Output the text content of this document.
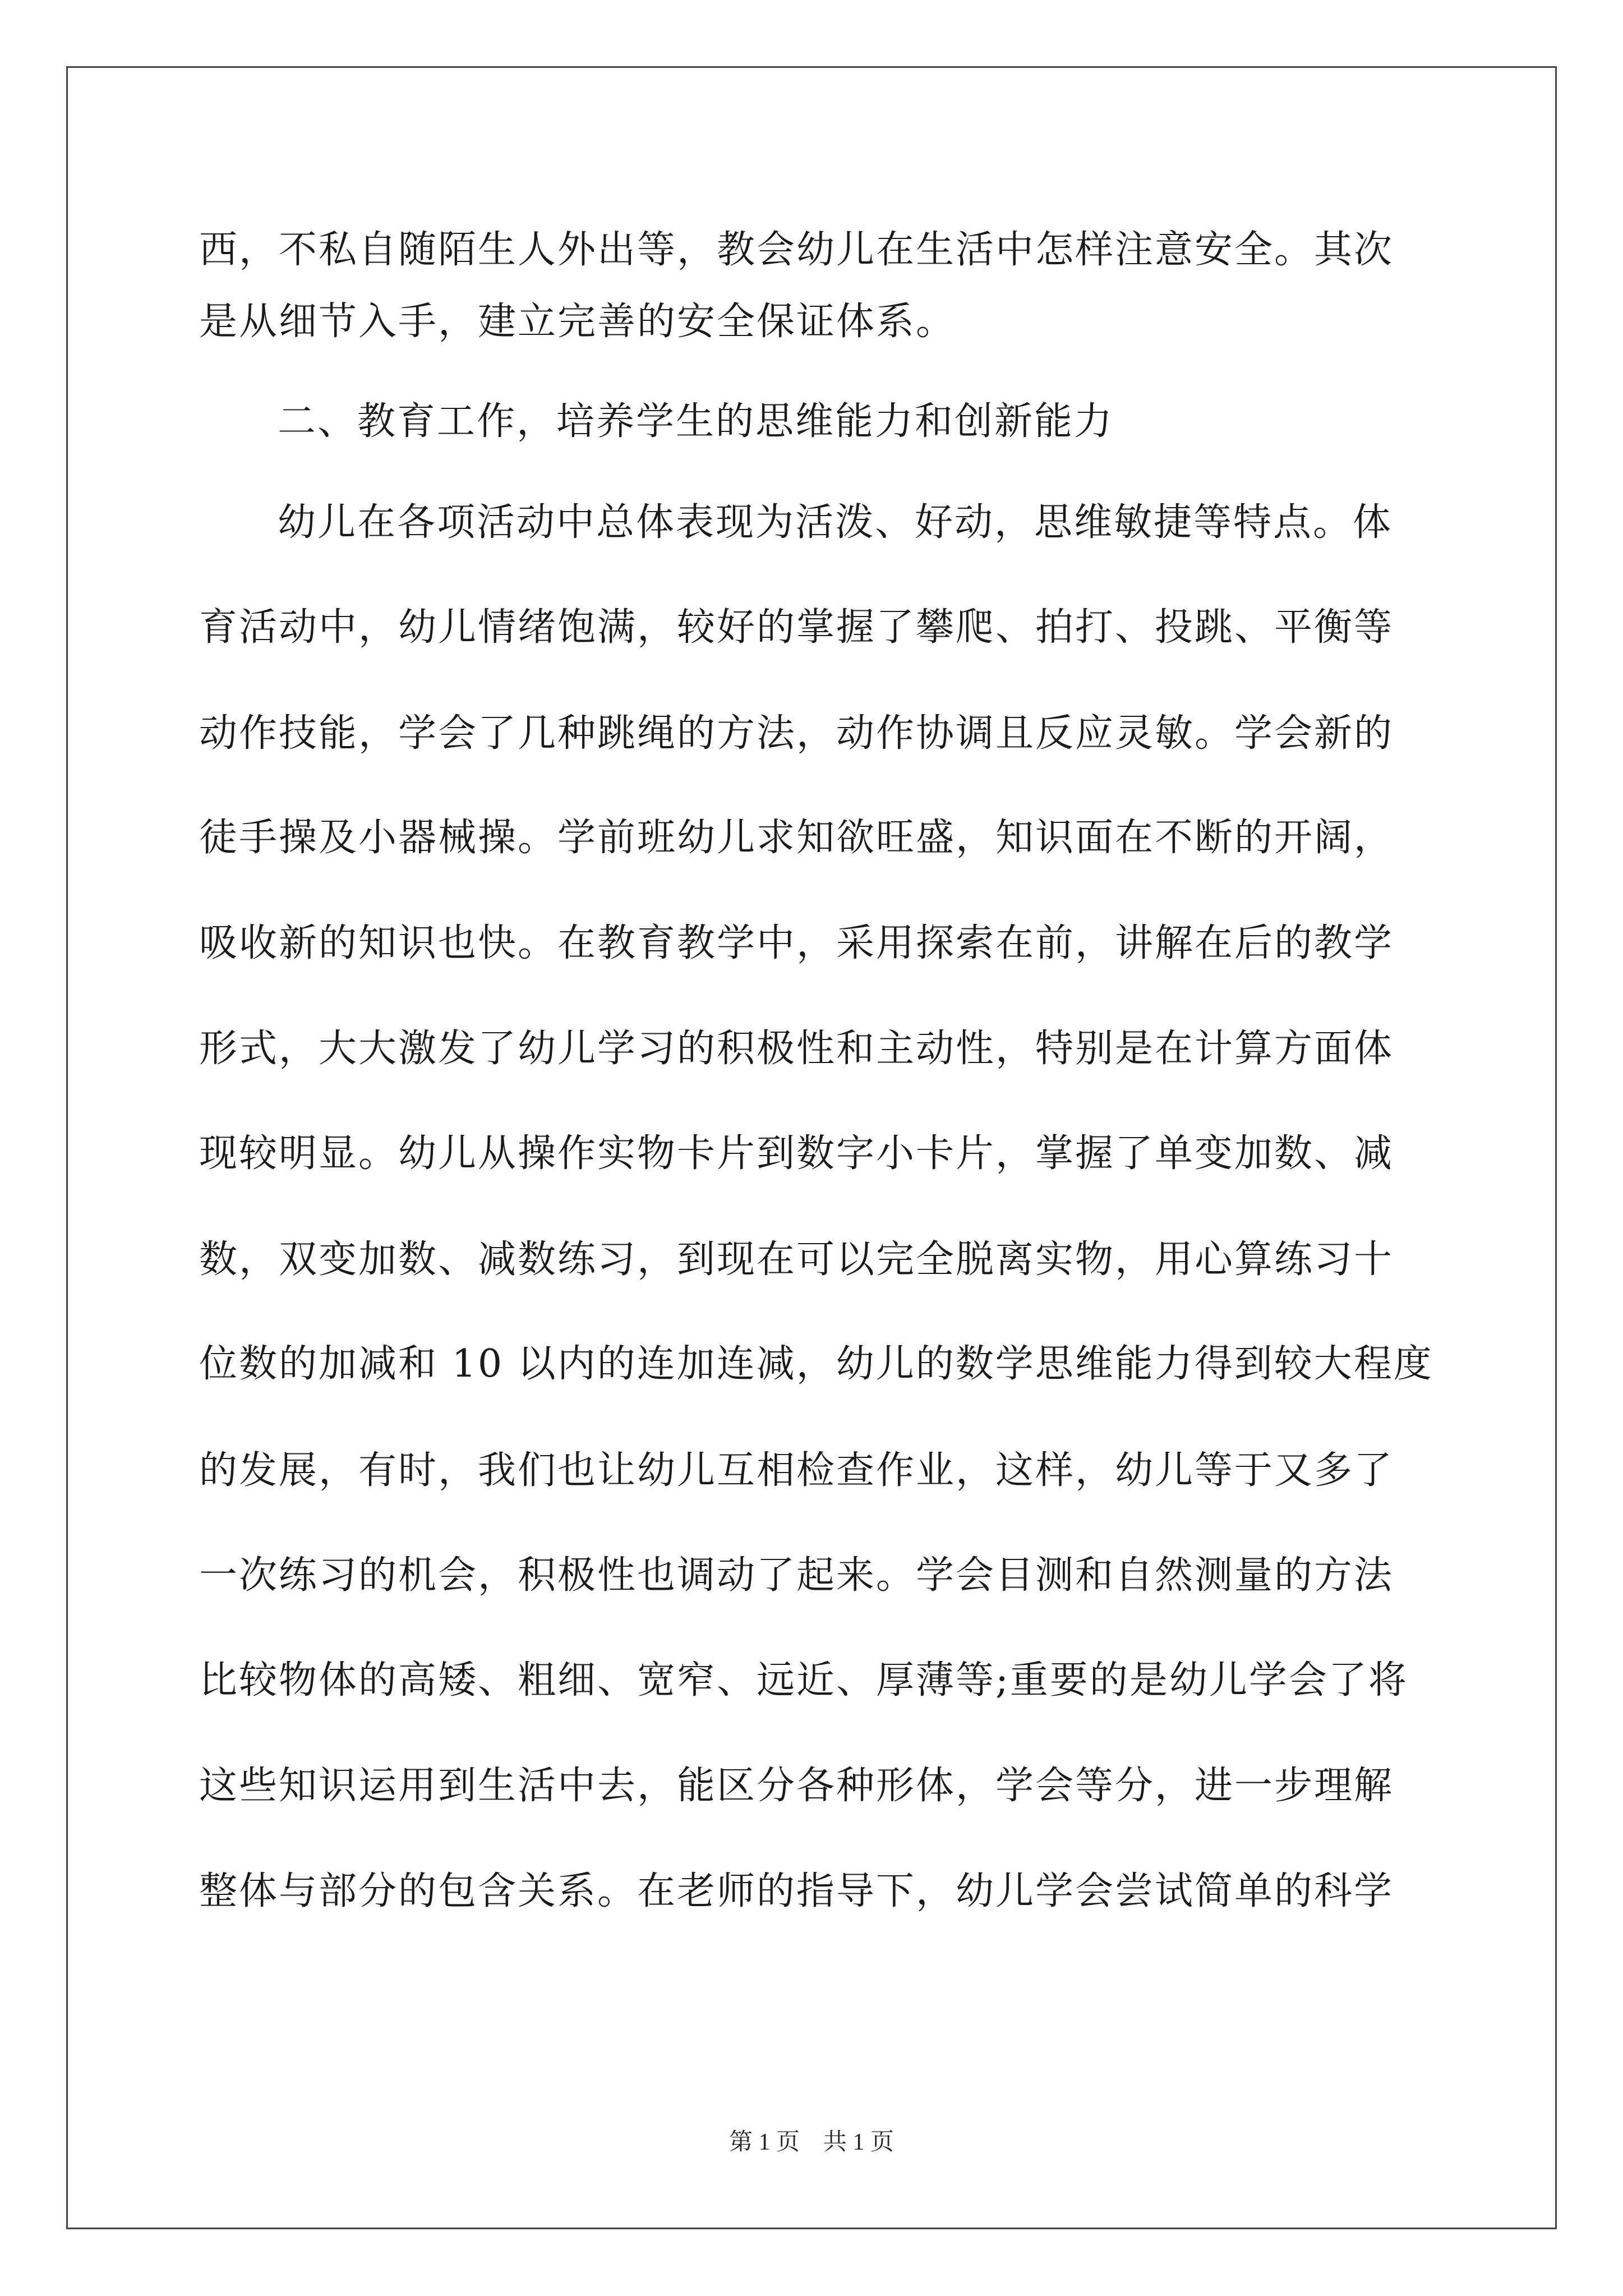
西，不私自随陌生人外出等，教会幼儿在生活中怎样注意安全。其次
是从细节入手，建立完善的安全保证体系。
二、教育工作，培养学生的思维能力和创新能力
幼儿在各项活动中总体表现为活泼、好动，思维敏捷等特点。体
育活动中，幼儿情绪饱满，较好的掌握了攀爬、拍打、投跳、平衡等
动作技能，学会了几种跳绳的方法，动作协调且反应灵敏。学会新的
徒手操及小器械操。学前班幼儿求知欲旺盛，知识面在不断的开阔，
吸收新的知识也快。在教育教学中，采用探索在前，讲解在后的教学
形式，大大激发了幼儿学习的积极性和主动性，特别是在计算方面体
现较明显。幼儿从操作实物卡片到数字小卡片，掌握了单变加数、减
数，双变加数、减数练习，到现在可以完全脱离实物，用心算练习十
位数的加减和 10 以内的连加连减，幼儿的数学思维能力得到较大程度
的发展，有时，我们也让幼儿互相检查作业，这样，幼儿等于又多了
一次练习的机会，积极性也调动了起来。学会目测和自然测量的方法
比较物体的高矮、粗细、宽窄、远近、厚薄等;重要的是幼儿学会了将
这些知识运用到生活中去，能区分各种形体，学会等分，进一步理解
整体与部分的包含关系。在老师的指导下，幼儿学会尝试简单的科学
第 1 页　共 1 页
